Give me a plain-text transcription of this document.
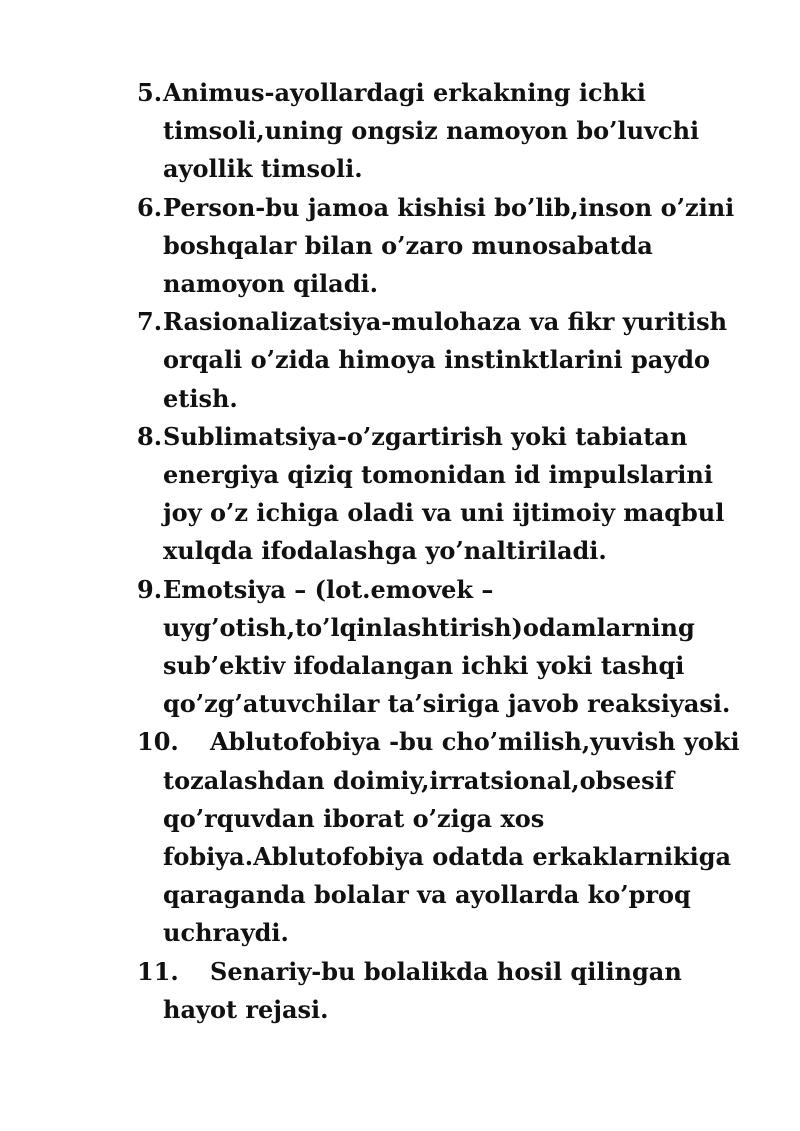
5. Animus-ayollardagi erkakning ichki timsoli,uning ongsiz namoyon bo’luvchi ayollik timsoli.
6. Person-bu jamoa kishisi bo’lib,inson o’zini boshqalar bilan o’zaro munosabatda namoyon qiladi.
7. Rasionalizatsiya-mulohaza va fikr yuritish orqali o’zida himoya instinktlarini paydo etish.
8. Sublimatsiya-o’zgartirish yoki tabiatan energiya qiziq tomonidan id impulslarini joy o’z ichiga oladi va uni ijtimoiy maqbul xulqda ifodalashga yo’naltiriladi.
9. Emotsiya – (lot.emovek – uyg’otish,to’lqinlashtirish)odamlarning sub’ektiv ifodalangan ichki yoki tashqi qo’zg’atuvchilar ta’siriga javob reaksiyasi.
10.	Ablutofobiya -bu cho’milish,yuvish yoki tozalashdan doimiy,irratsional,obsesif qo’rquvdan iborat o’ziga xos fobiya.Ablutofobiya odatda erkaklarnikiga qaraganda bolalar va ayollarda ko’proq uchraydi.
11.	Senariy-bu bolalikda hosil qilingan hayot rejasi.
